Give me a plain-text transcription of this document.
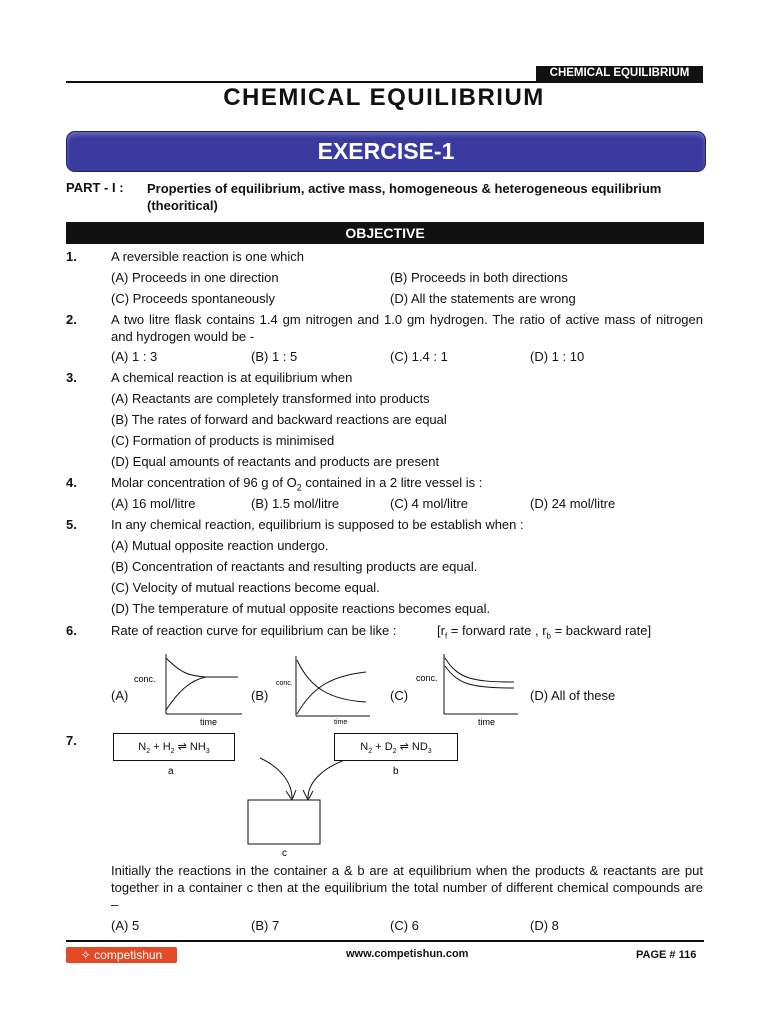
CHEMICAL EQUILIBRIUM
CHEMICAL EQUILIBRIUM
EXERCISE-1
PART - I : Properties of equilibrium, active mass, homogeneous & heterogeneous equilibrium (theoritical)
OBJECTIVE
1.	A reversible reaction is one which
(A) Proceeds in one direction	(B) Proceeds in both directions
(C) Proceeds spontaneously	(D) All the statements are wrong
2.	A two litre flask contains 1.4 gm nitrogen and 1.0 gm hydrogen. The ratio of active mass of nitrogen and hydrogen would be -
(A) 1 : 3	(B) 1 : 5	(C) 1.4 : 1	(D) 1 : 10
3.	A chemical reaction is at equilibrium when
(A) Reactants are completely transformed into products
(B) The rates of forward and backward reactions are equal
(C) Formation of products is minimised
(D) Equal amounts of reactants and products are present
4.	Molar concentration of 96 g of $O_2$ contained in a 2 litre vessel is :
(A) 16 mol/litre	(B) 1.5 mol/litre	(C) 4 mol/litre	(D) 24 mol/litre
5.	In any chemical reaction, equilibrium is supposed to be establish when :
(A) Mutual opposite reaction undergo.
(B) Concentration of reactants and resulting products are equal.
(C) Velocity of mutual reactions become equal.
(D) The temperature of mutual opposite reactions becomes equal.
6.	Rate of reaction curve for equilibrium can be like :	[$r_f$ = forward rate , $r_b$ = backward rate]
(A)	(B)	(C)	(D) All of these
conc.
time
conc.
time
conc.
time
7.
c
a	b
$N_2 + H_2$ ⇌ $NH_3$	$N_2 + D_2$ ⇌ $ND_3$
Initially the reactions in the container a & b are at equilibrium when the products & reactants are put together in a container c then at the equilibrium the total number of different chemical compounds are –
(A) 5	(B) 7	(C) 6	(D) 8
✧ competishun	www.competishun.com	PAGE # 116
